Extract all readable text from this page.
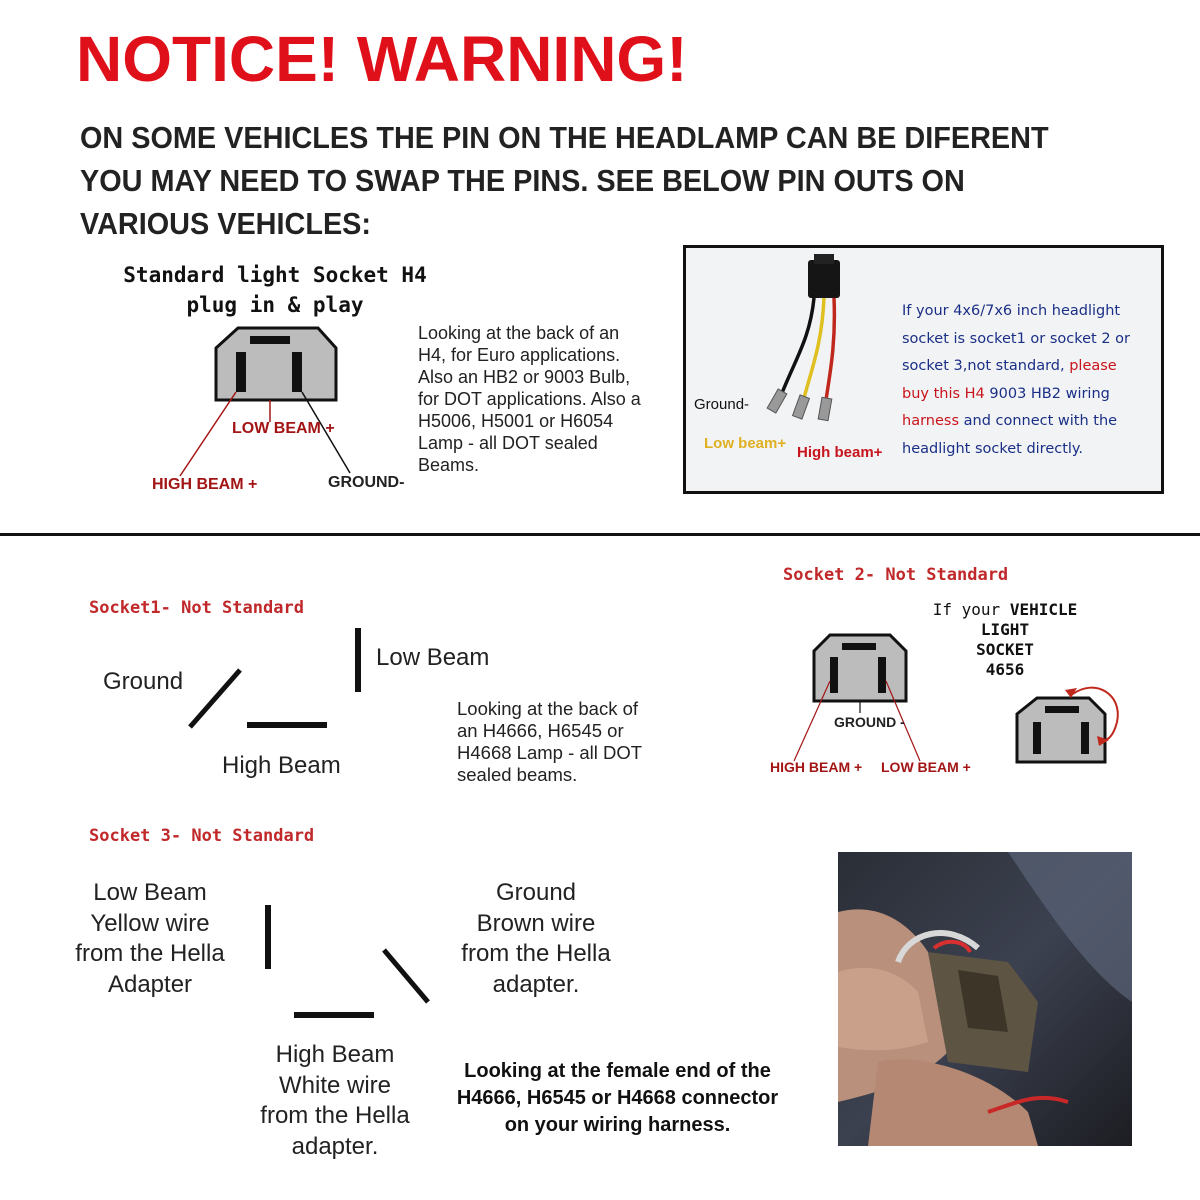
NOTICE! WARNING!
ON SOME VEHICLES THE PIN ON THE HEADLAMP CAN BE DIFERENT YOU MAY NEED TO SWAP THE PINS. SEE BELOW PIN OUTS ON VARIOUS VEHICLES:
Standard light Socket H4
plug in & play
LOW BEAM +
HIGH BEAM +	GROUND-
Looking at the back of an
H4, for Euro applications.
Also an HB2 or 9003 Bulb,
for DOT applications. Also a
H5006, H5001 or H6054
Lamp - all DOT sealed
Beams.
Ground-
Low beam+
High beam+
If your 4x6/7x6 inch headlight
socket is socket1 or socket 2 or
socket 3,not standard, please
buy this H4 9003 HB2 wiring
harness and connect with the
headlight socket directly.
Socket1- Not Standard
Ground
Low Beam
High Beam
Looking at the back of
an H4666, H6545 or
H4668 Lamp - all DOT
sealed beams.
Socket 2- Not Standard
GROUND -
HIGH BEAM + LOW BEAM +
If your VEHICLE
LIGHT
SOCKET
4656
Socket 3- Not Standard
Low Beam
Yellow wire
from the Hella
Adapter
Ground
Brown wire
from the Hella
adapter.
High Beam
White wire
from the Hella
adapter.
Looking at the female end of the
H4666, H6545 or H4668 connector
on your wiring harness.
